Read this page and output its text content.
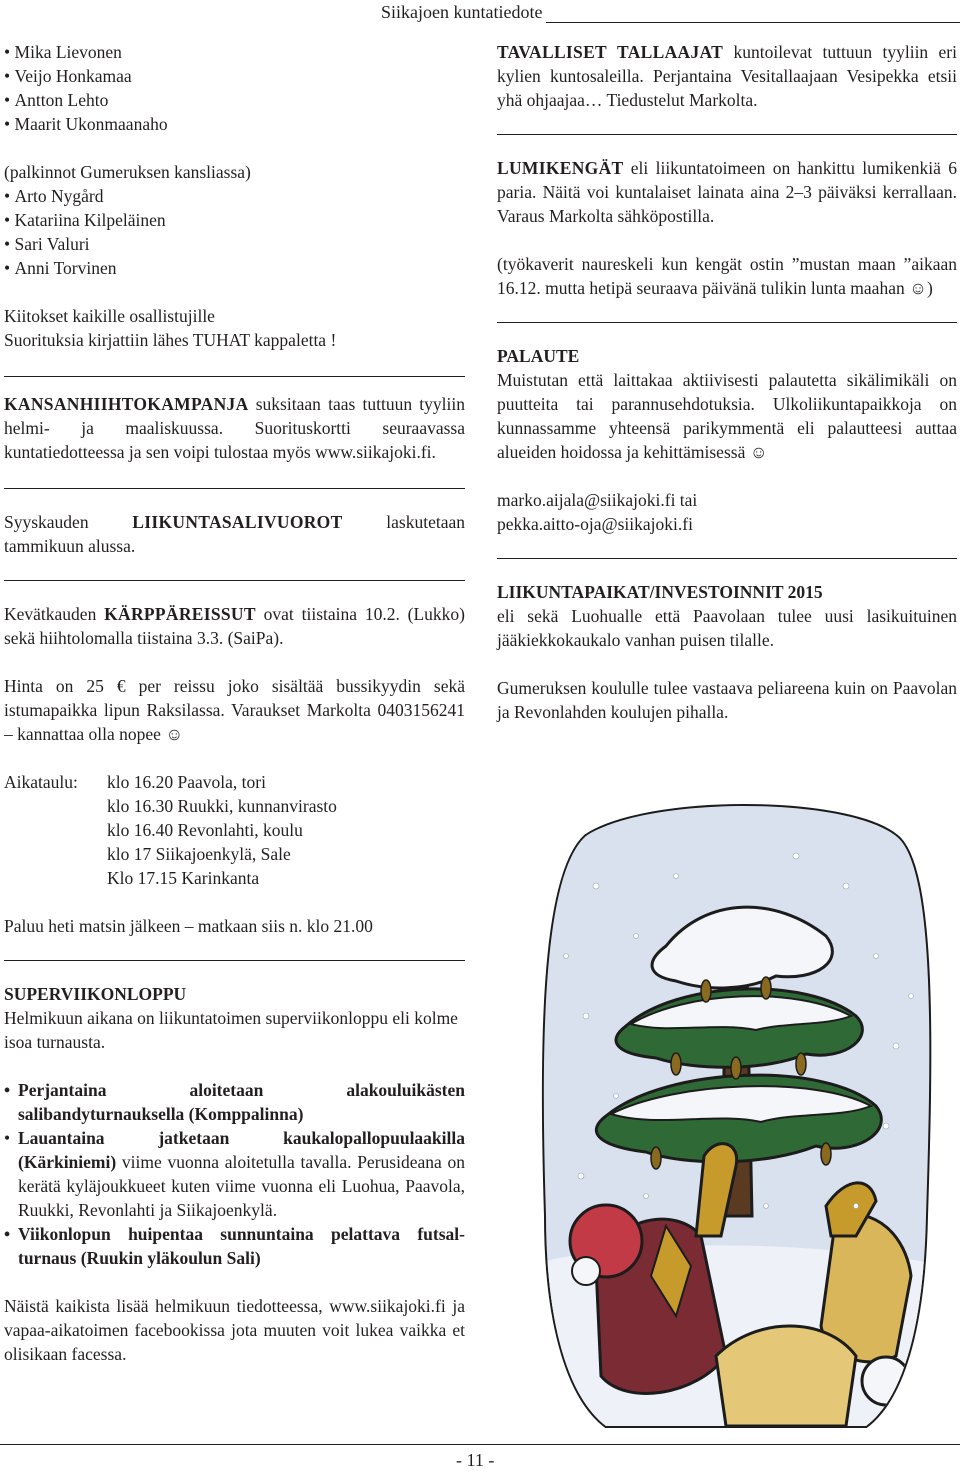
Siikajoen kuntatiedote
• Mika Lievonen
• Veijo Honkamaa
• Antton Lehto
• Maarit Ukonmaanaho

(palkinnot Gumeruksen kansliassa)

• Arto Nygård
• Katariina Kilpeläinen
• Sari Valuri
• Anni Torvinen

Kiitokset kaikille osallistujille

Suorituksia kirjattiin lähes TUHAT kappaletta !

KANSANHIIHTOKAMPANJA suksitaan taas tuttuun tyyliin helmi- ja maaliskuussa. Suorituskortti seuraavassa kuntatiedotteessa ja sen voipi tulostaa myös www.siikajoki.fi.

Syyskauden LIIKUNTASALIVUOROT laskutetaan tammikuun alussa.

Kevätkauden KÄRPPÄREISSUT ovat tiistaina 10.2. (Lukko) sekä hiihtolomalla tiistaina 3.3. (SaiPa).

Hinta on 25 € per reissu joko sisältää bussikyydin sekä istumapaikka lipun Raksilassa. Varaukset Markolta 0403156241 – kannattaa olla nopee ☺

Aikataulu:	klo 16.20 Paavola, tori
klo 16.30 Ruukki, kunnanvirasto
klo 16.40 Revonlahti, koulu
klo 17 Siikajoenkylä, Sale
Klo 17.15 Karinkanta

Paluu heti matsin jälkeen – matkaan siis n. klo 21.00

SUPERVIIKONLOPPU

Helmikuun aikana on liikuntatoimen superviikonloppu eli kolme isoa turnausta.

• Perjantaina aloitetaan alakouluikästen salibandyturnauksella (Komppalinna)
• Lauantaina jatketaan kaukalopallopuulaakilla (Kärkiniemi) viime vuonna aloitetulla tavalla. Perusideana on kerätä kyläjoukkueet kuten viime vuonna eli Luohua, Paavola, Ruukki, Revonlahti ja Siikajoenkylä.
• Viikonlopun huipentaa sunnuntaina pelattava futsal-turnaus (Ruukin yläkoulun Sali)

Näistä kaikista lisää helmikuun tiedotteessa, www.siikajoki.fi ja vapaa-aikatoimen facebookissa jota muuten voit lukea vaikka et olisikaan facessa.

TAVALLISET TALLAAJAT kuntoilevat tuttuun tyyliin eri kylien kuntosaleilla. Perjantaina Vesitallaajaan Vesipekka etsii yhä ohjaajaa… Tiedustelut Markolta.

LUMIKENGÄT eli liikuntatoimeen on hankittu lumikenkiä 6 paria. Näitä voi kuntalaiset lainata aina 2–3 päiväksi kerrallaan. Varaus Markolta sähköpostilla.

(työkaverit naureskeli kun kengät ostin ”mustan maan ”aikaan 16.12. mutta hetipä seuraava päivänä tulikin lunta maahan ☺)

PALAUTE

Muistutan että laittakaa aktiivisesti palautetta sikälimikäli on puutteita tai parannusehdotuksia. Ulkoliikuntapaikkoja on kunnassamme yhteensä parikymmentä eli palautteesi auttaa alueiden hoidossa ja kehittämisessä ☺

marko.aijala@siikajoki.fi tai

pekka.aitto-oja@siikajoki.fi

LIIKUNTAPAIKAT/INVESTOINNIT 2015

eli sekä Luohualle että Paavolaan tulee uusi lasikuituinen jääkiekkokaukalo vanhan puisen tilalle.

Gumeruksen koululle tulee vastaava peliareena kuin on Paavolan ja Revonlahden koulujen pihalla.

- 11 -
